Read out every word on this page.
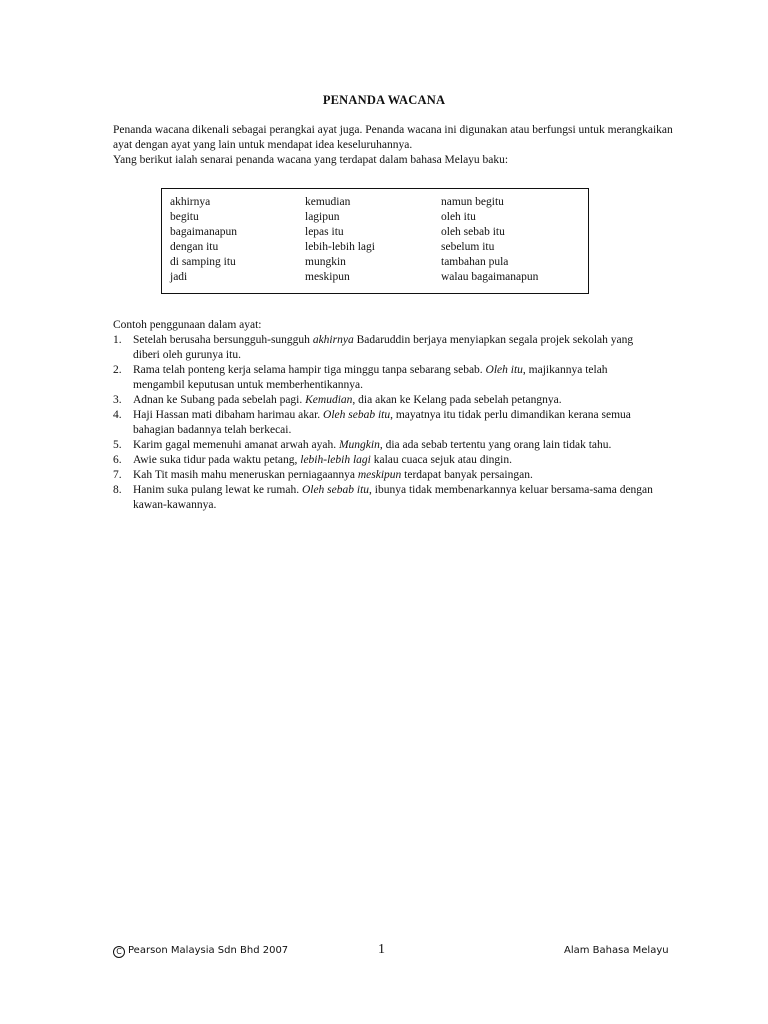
PENANDA WACANA

Penanda wacana dikenali sebagai perangkai ayat juga. Penanda wacana ini digunakan atau berfungsi untuk merangkaikan ayat dengan ayat yang lain untuk mendapat idea keseluruhannya.

Yang berikut ialah senarai penanda wacana yang terdapat dalam bahasa Melayu baku:

akhirnya
begitu
bagaimanapun
dengan itu
di samping itu
jadi
kemudian
lagipun
lepas itu
lebih-lebih lagi
mungkin
meskipun
namun begitu
oleh itu
oleh sebab itu
sebelum itu
tambahan pula
walau bagaimanapun

Contoh penggunaan dalam ayat:

1. Setelah berusaha bersungguh-sungguh akhirnya Badaruddin berjaya menyiapkan segala projek sekolah yang diberi oleh gurunya itu.
2. Rama telah ponteng kerja selama hampir tiga minggu tanpa sebarang sebab. Oleh itu, majikannya telah mengambil keputusan untuk memberhentikannya.
3. Adnan ke Subang pada sebelah pagi. Kemudian, dia akan ke Kelang pada sebelah petangnya.
4. Haji Hassan mati dibaham harimau akar. Oleh sebab itu, mayatnya itu tidak perlu dimandikan kerana semua bahagian badannya telah berkecai.
5. Karim gagal memenuhi amanat arwah ayah. Mungkin, dia ada sebab tertentu yang orang lain tidak tahu.
6. Awie suka tidur pada waktu petang, lebih-lebih lagi kalau cuaca sejuk atau dingin.
7. Kah Tit masih mahu meneruskan perniagaannya meskipun terdapat banyak persaingan.
8. Hanim suka pulang lewat ke rumah. Oleh sebab itu, ibunya tidak membenarkannya keluar bersama-sama dengan kawan-kawannya.
C Pearson Malaysia Sdn Bhd 2007	1	Alam Bahasa Melayu
